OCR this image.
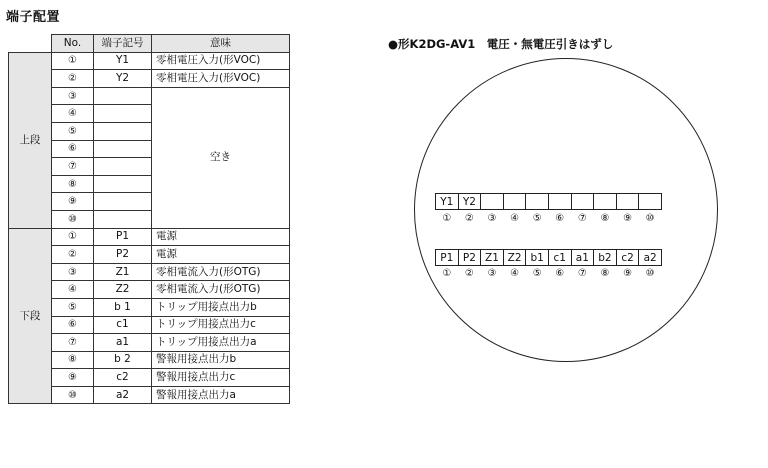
端子配置
	No.	端子記号	意味
上段	①	Y1	零相電圧入力(形VOC)
	②	Y2	零相電圧入力(形VOC)
	③		空き
	④		
	⑤		
	⑥		
	⑦		
	⑧		
	⑨		
	⑩		
下段	①	P1	電源
	②	P2	電源
	③	Z1	零相電流入力(形OTG)
	④	Z2	零相電流入力(形OTG)
	⑤	b 1	トリップ用接点出力b
	⑥	c1	トリップ用接点出力c
	⑦	a1	トリップ用接点出力a
	⑧	b 2	警報用接点出力b
	⑨	c2	警報用接点出力c
	⑩	a2	警報用接点出力a
●形K2DG-AV1　電圧・無電圧引きはずし
Y1 Y2
①	②	③	④	⑤	⑥	⑦	⑧	⑨	⑩
P1 P2 Z1 Z2 b1 c1 a1 b2 c2 a2
①	②	③	④	⑤	⑥	⑦	⑧	⑨	⑩
